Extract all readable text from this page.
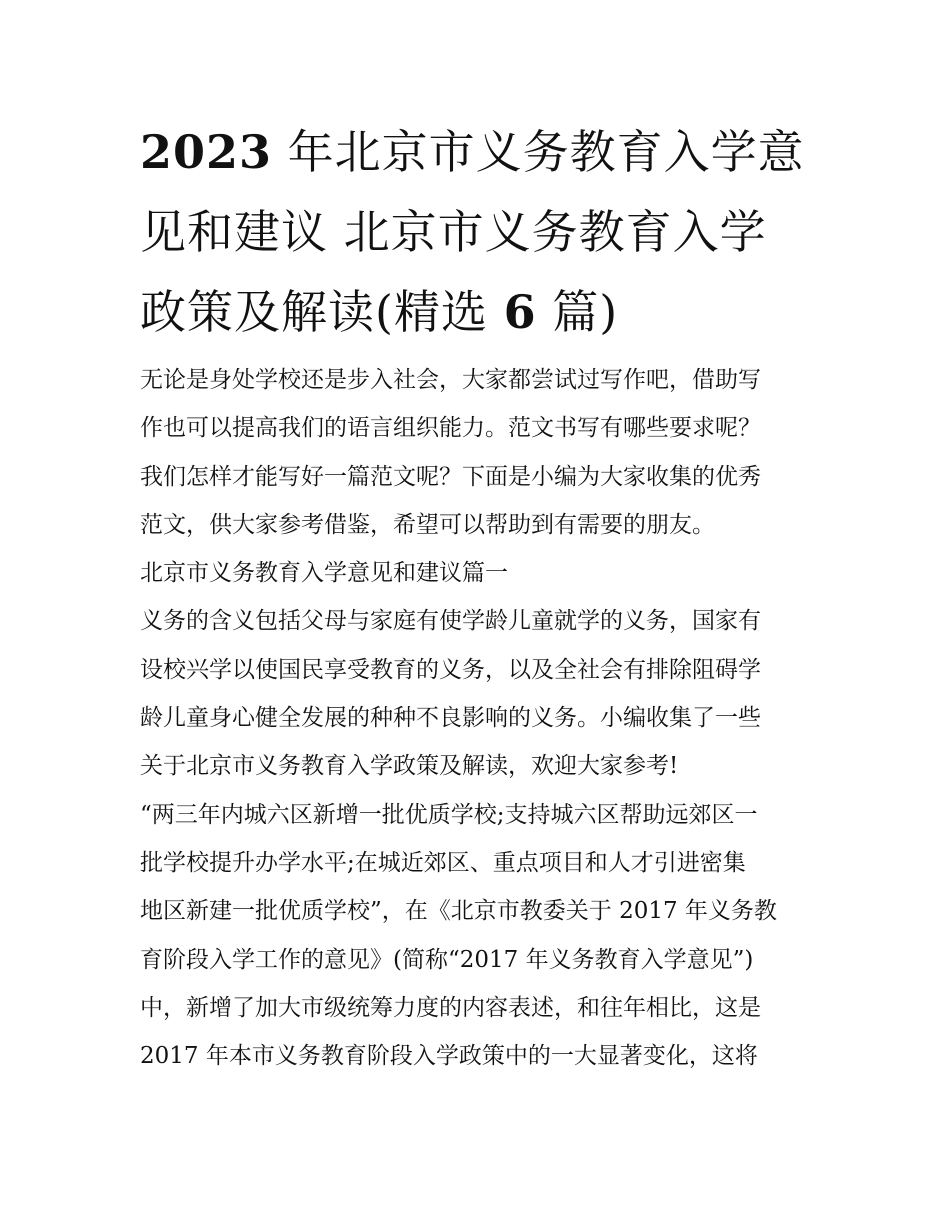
2023 年北京市义务教育入学意
见和建议 北京市义务教育入学
政策及解读(精选 6 篇)
无论是身处学校还是步入社会，大家都尝试过写作吧，借助写
作也可以提高我们的语言组织能力。范文书写有哪些要求呢？
我们怎样才能写好一篇范文呢？下面是小编为大家收集的优秀
范文，供大家参考借鉴，希望可以帮助到有需要的朋友。
北京市义务教育入学意见和建议篇一
义务的含义包括父母与家庭有使学龄儿童就学的义务，国家有
设校兴学以使国民享受教育的义务，以及全社会有排除阻碍学
龄儿童身心健全发展的种种不良影响的义务。小编收集了一些
关于北京市义务教育入学政策及解读，欢迎大家参考!
“两三年内城六区新增一批优质学校;支持城六区帮助远郊区一
批学校提升办学水平;在城近郊区、重点项目和人才引进密集
地区新建一批优质学校”，在《北京市教委关于 2017 年义务教
育阶段入学工作的意见》(简称“2017 年义务教育入学意见”)
中，新增了加大市级统筹力度的内容表述，和往年相比，这是
2017 年本市义务教育阶段入学政策中的一大显著变化，这将
